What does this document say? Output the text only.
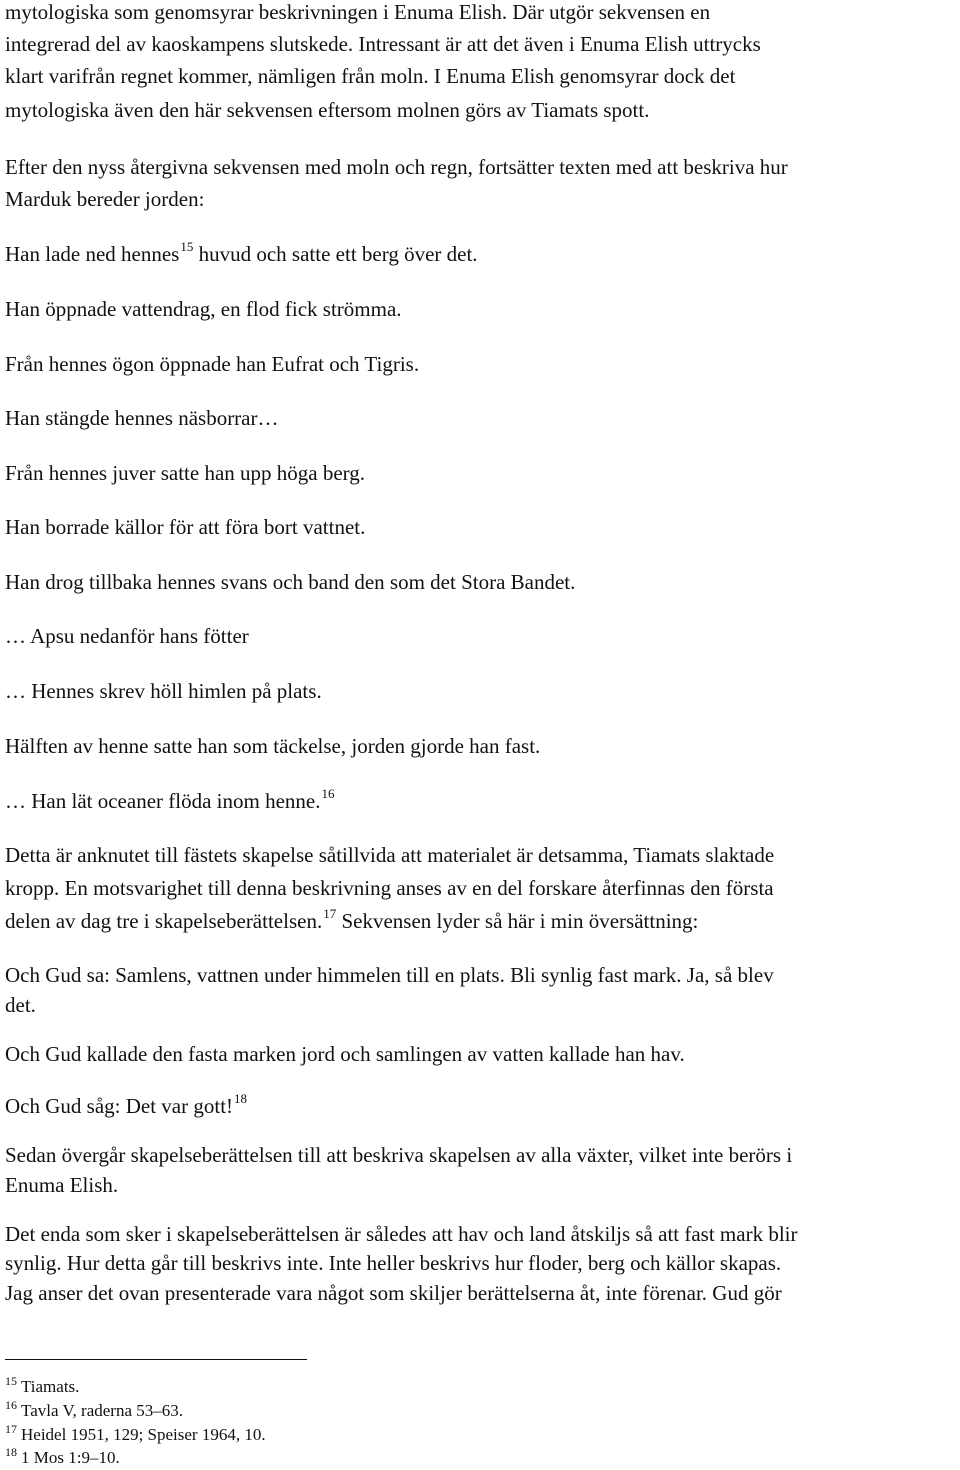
mytologiska som genomsyrar beskrivningen i Enuma Elish. Där utgör sekvensen en
integrerad del av kaoskampens slutskede. Intressant är att det även i Enuma Elish uttrycks
klart varifrån regnet kommer, nämligen från moln. I Enuma Elish genomsyrar dock det
mytologiska även den här sekvensen eftersom molnen görs av Tiamats spott.
Efter den nyss återgivna sekvensen med moln och regn, fortsätter texten med att beskriva hur
Marduk bereder jorden:
Han lade ned hennes$^{15}$ huvud och satte ett berg över det.
Han öppnade vattendrag, en flod fick strömma.
Från hennes ögon öppnade han Eufrat och Tigris.
Han stängde hennes näsborrar…
Från hennes juver satte han upp höga berg.
Han borrade källor för att föra bort vattnet.
Han drog tillbaka hennes svans och band den som det Stora Bandet.
… Apsu nedanför hans fötter
… Hennes skrev höll himlen på plats.
Hälften av henne satte han som täckelse, jorden gjorde han fast.
… Han lät oceaner flöda inom henne.$^{16}$
Detta är anknutet till fästets skapelse såtillvida att materialet är detsamma, Tiamats slaktade
kropp. En motsvarighet till denna beskrivning anses av en del forskare återfinnas den första
delen av dag tre i skapelseberättelsen.$^{17}$ Sekvensen lyder så här i min översättning:
Och Gud sa: Samlens, vattnen under himmelen till en plats. Bli synlig fast mark. Ja, så blev
det.
Och Gud kallade den fasta marken jord och samlingen av vatten kallade han hav.
Och Gud såg: Det var gott!$^{18}$
Sedan övergår skapelseberättelsen till att beskriva skapelsen av alla växter, vilket inte berörs i
Enuma Elish.
Det enda som sker i skapelseberättelsen är således att hav och land åtskiljs så att fast mark blir
synlig. Hur detta går till beskrivs inte. Inte heller beskrivs hur floder, berg och källor skapas.
Jag anser det ovan presenterade vara något som skiljer berättelserna åt, inte förenar. Gud gör
$^{15}$ Tiamats.
$^{16}$ Tavla V, raderna 53–63.
$^{17}$ Heidel 1951, 129; Speiser 1964, 10.
$^{18}$ 1 Mos 1:9–10.
